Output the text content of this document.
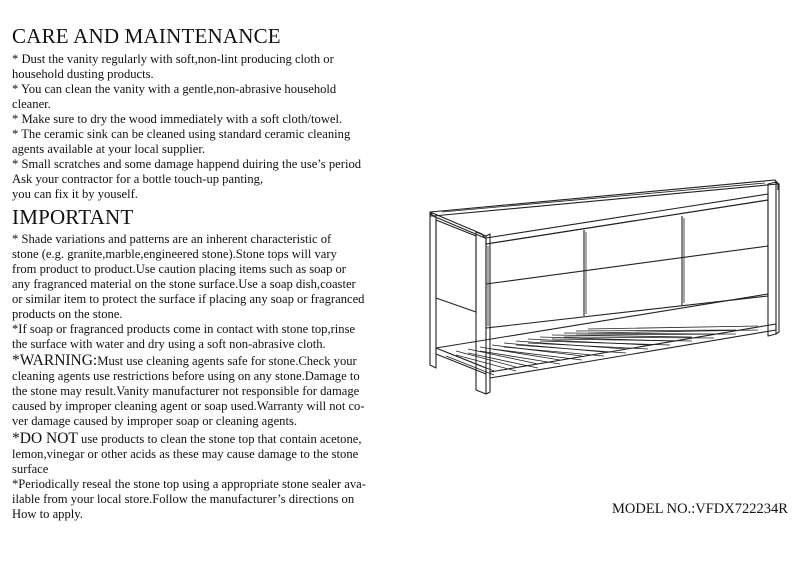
CARE AND MAINTENANCE
* Dust the vanity regularly with soft,non-lint producing cloth or
household dusting products.
* You can clean the vanity with a gentle,non-abrasive household
cleaner.
* Make sure to dry the wood immediately with a soft cloth/towel.
* The ceramic sink can be cleaned using standard ceramic cleaning
agents available at your local supplier.
* Small scratches and some damage happend duiring the use’s period
Ask your contractor for a bottle touch-up panting,
you can fix it by youself.
IMPORTANT
* Shade variations and patterns are an inherent characteristic of
stone (e.g. granite,marble,engineered stone).Stone tops will vary
from product to product.Use caution placing items such as soap or
any fragranced material on the stone surface.Use a soap dish,coaster
or similar item to protect the surface if placing any soap or fragranced
products on the stone.
*If soap or fragranced products come in contact with stone top,rinse
the surface with water and dry using a soft non-abrasive cloth.
*WARNING:Must use cleaning agents safe for stone.Check your
cleaning agents use restrictions before using on any stone.Damage to
the stone may result.Vanity manufacturer not responsible for damage
caused by improper cleaning agent or soap used.Warranty will not co-
ver damage caused by improper soap or cleaning agents.
*DO NOT use products to clean the stone top that contain acetone,
lemon,vinegar or other acids as these may cause damage to the stone
surface
*Periodically reseal the stone top using a appropriate stone sealer ava-
ilable from your local store.Follow the manufacturer’s directions on
How to apply.	MODEL NO.:VFDX722234R
